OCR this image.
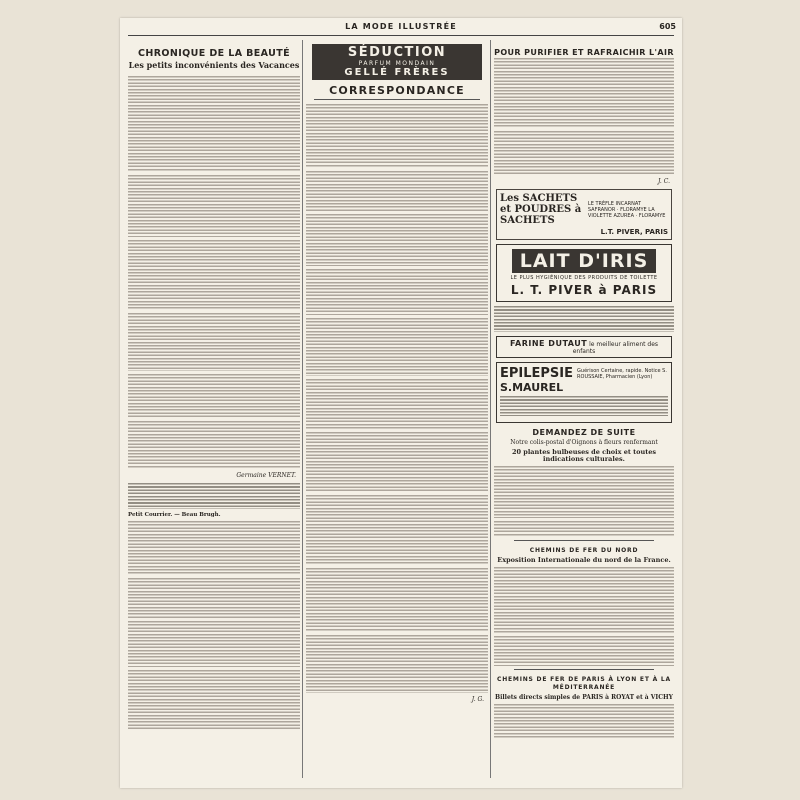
LA MODE ILLUSTRÉE	605
CHRONIQUE DE LA BEAUTÉ
Les petits inconvénients des Vacances
Germaine VERNET.
Petit Courrier. — Beau Brugh.
SÉDUCTION
PARFUM MONDAIN
GELLÉ FRÈRES
CORRESPONDANCE
J. G.
POUR PURIFIER ET RAFRAICHIR L'AIR
J. C.
Les SACHETS et POUDRES à SACHETS
LE TRÈFLE INCARNAT SAFRANOR · FLORAMYE LA VIOLETTE AZUREA · FLORAMYE
L.T. PIVER, PARIS
LAIT D'IRIS
LE PLUS HYGIÉNIQUE DES PRODUITS DE TOILETTE
L. T. PIVER à PARIS
FARINE DUTAUT le meilleur aliment des enfants
EPILEPSIE Guérison Certaine, rapide. Notice S. ROUSSAIE, Pharmacien (Lyon)
S.MAUREL
DEMANDEZ DE SUITE
Notre colis-postal d'Oignons à fleurs renfermant
20 plantes bulbeuses de choix et toutes indications culturales.
CHEMINS DE FER DU NORD
Exposition Internationale du nord de la France.
CHEMINS DE FER DE PARIS À LYON ET À LA MÉDITERRANÉE
Billets directs simples de PARIS à ROYAT et à VICHY
